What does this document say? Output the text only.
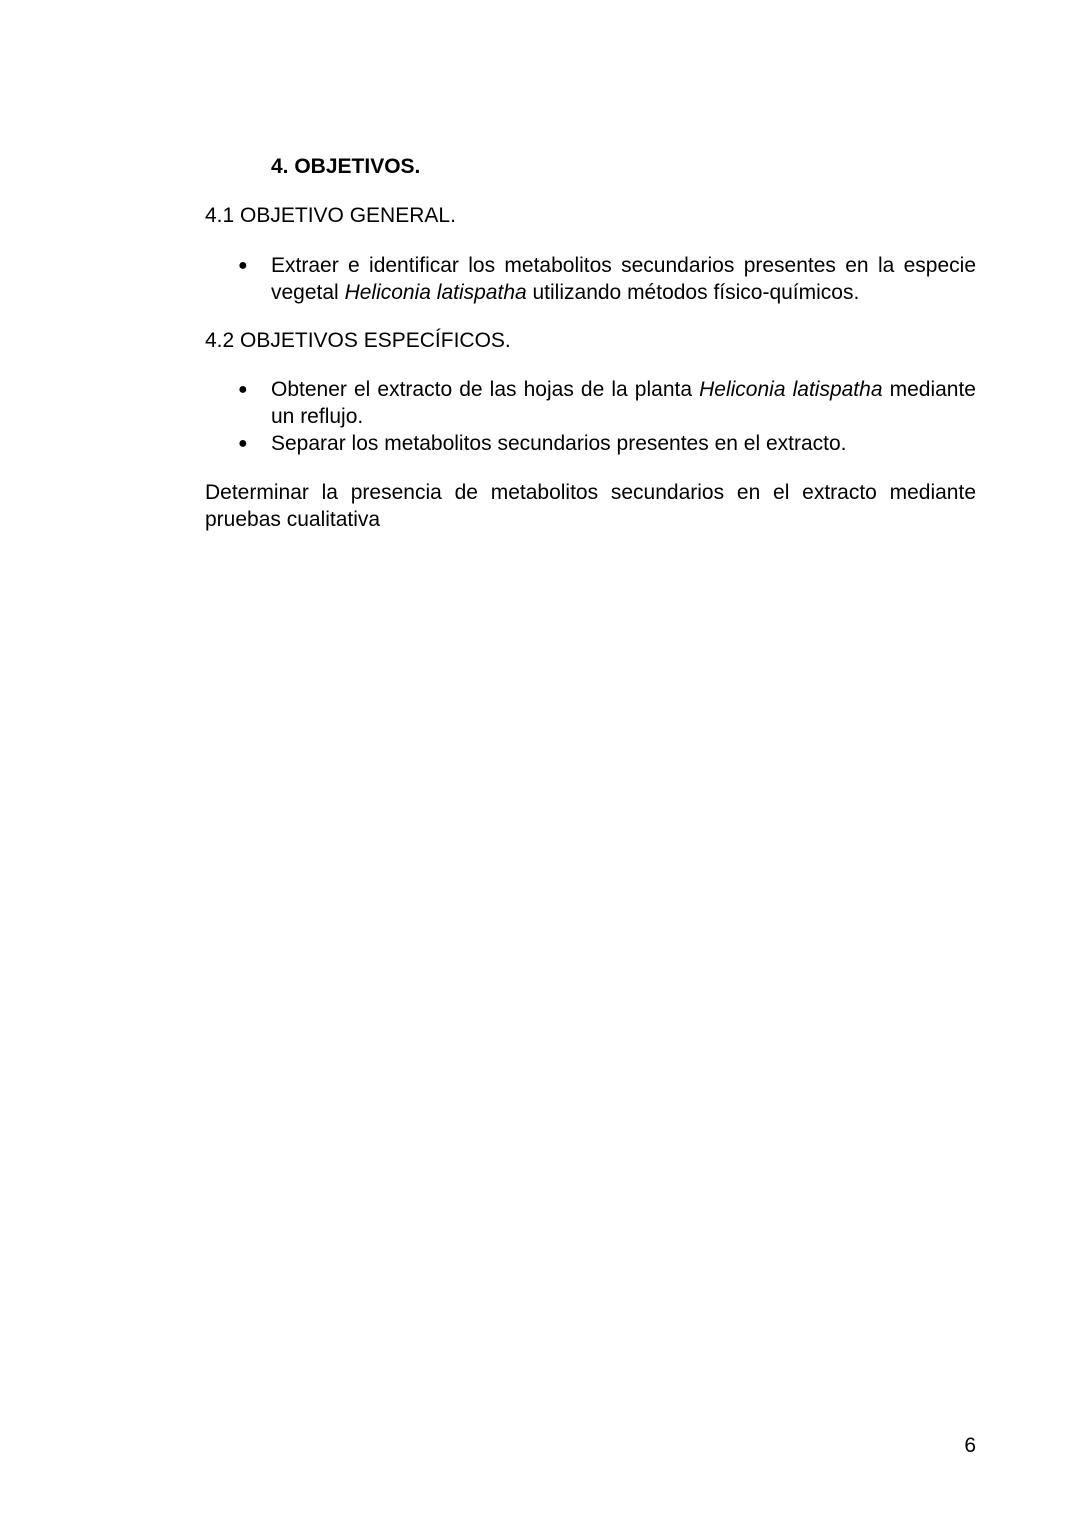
4. OBJETIVOS.
4.1 OBJETIVO GENERAL.
● Extraer e identificar los metabolitos secundarios presentes en la especie vegetal Heliconia latispatha utilizando métodos físico-químicos.
4.2 OBJETIVOS ESPECÍFICOS.
● Obtener el extracto de las hojas de la planta Heliconia latispatha mediante un reflujo.
● Separar los metabolitos secundarios presentes en el extracto.

Determinar la presencia de metabolitos secundarios en el extracto mediante pruebas cualitativa

6
